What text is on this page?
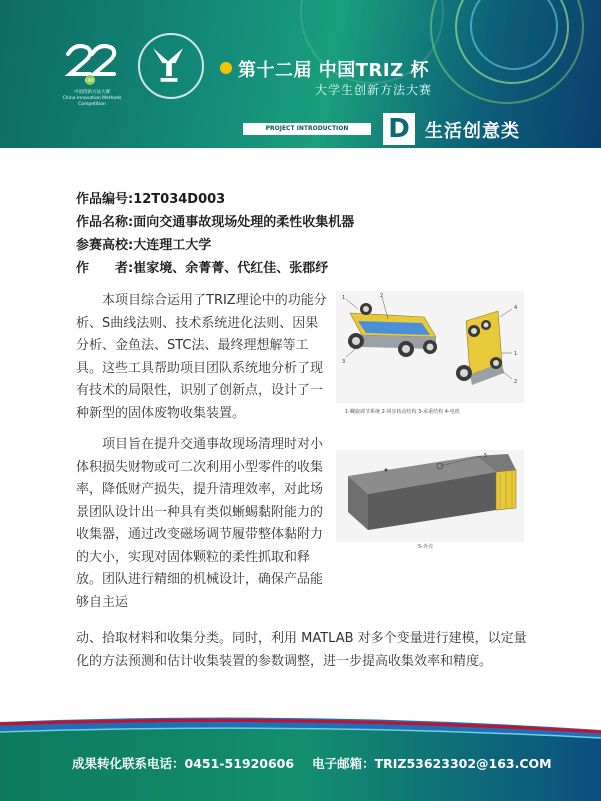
CIMC
中国创新方法大赛
China Innovation Methods Competition
第十二届 中国TRIZ 杯
大学生创新方法大赛
PROJECT INTRODUCTION	D 生活创意类
作品编号:12T034D003
作品名称:面向交通事故现场处理的柔性收集机器
参赛高校:大连理工大学
作　　者:崔家境、余菁菁、代红佳、张郡纾
本项目综合运用了TRIZ理论中的功能分析、S曲线法则、技术系统进化法则、因果分析、金鱼法、STC法、最终理想解等工具。这些工具帮助项目团队系统地分析了现有技术的局限性，识别了创新点，设计了一种新型的固体废物收集装置。
项目旨在提升交通事故现场清理时对小体积损失财物或可二次利用小型零件的收集率，降低财产损失，提升清理效率，对此场景团队设计出一种具有类似蜥蜴黏附能力的收集器，通过改变磁场调节履带整体黏附力的大小，实现对固体颗粒的柔性抓取和释放。团队进行精细的机械设计，确保产品能够自主运
动、拾取材料和收集分类。同时，利用 MATLAB 对多个变量进行建模，以定量化的方法预测和估计收集装置的参数调整，进一步提高收集效率和精度。
1	2
3
4
1
2
1-螺旋调节系统 2-同步转动结构 3-承重结构 4-电机
5
5-外壳
成果转化联系电话：0451-51920606 电子邮箱：TRIZ53623302@163.COM
